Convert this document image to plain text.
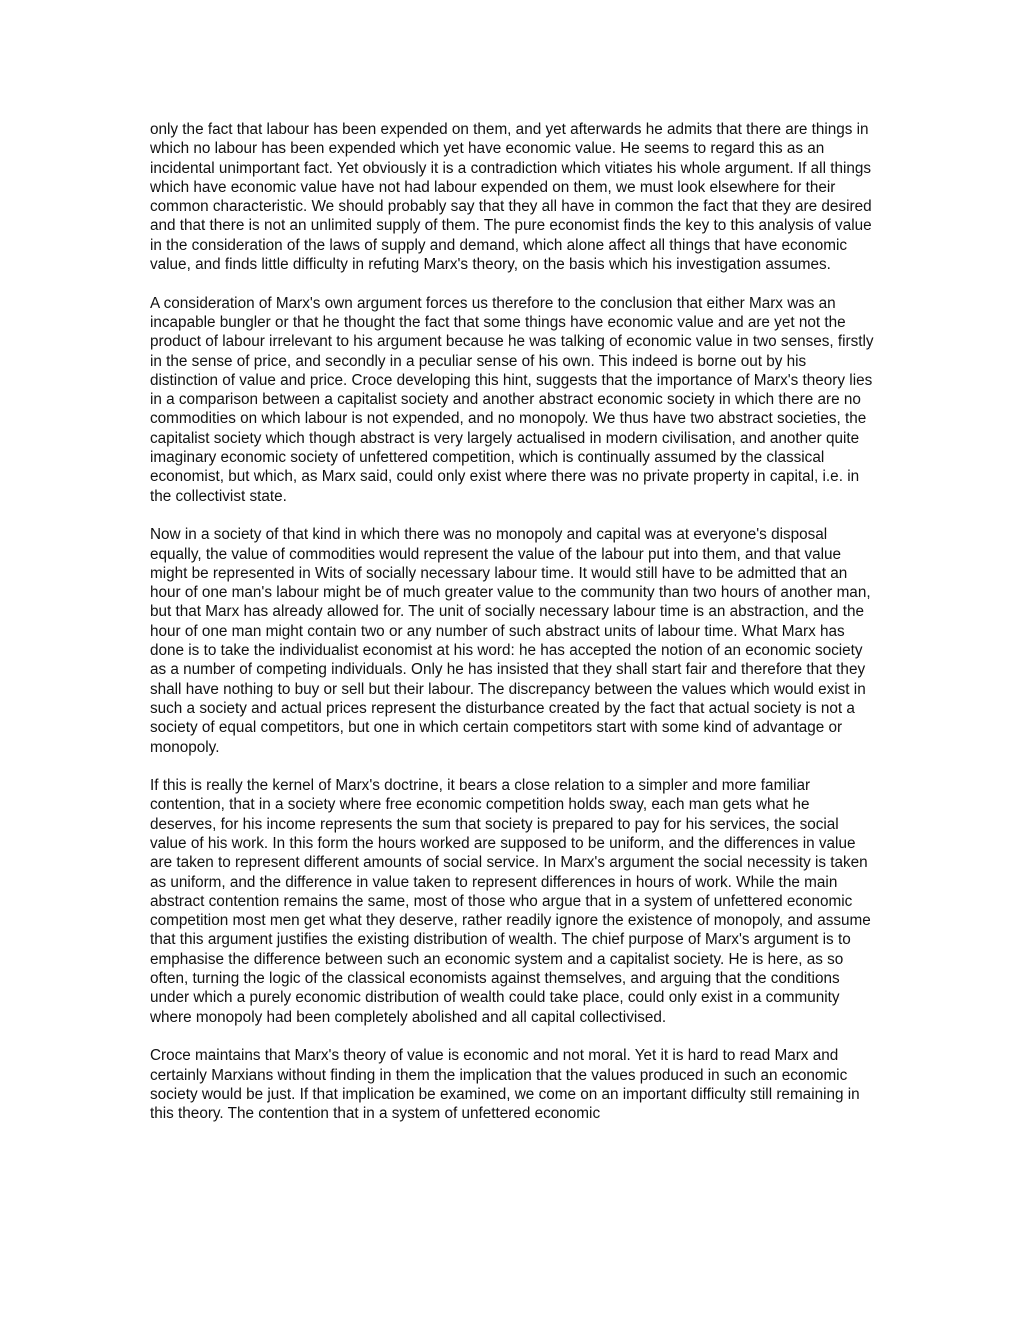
only the fact that labour has been expended on them, and yet afterwards he admits that there are things in which no labour has been expended which yet have economic value. He seems to regard this as an incidental unimportant fact. Yet obviously it is a contradiction which vitiates his whole argument. If all things which have economic value have not had labour expended on them, we must look elsewhere for their common characteristic. We should probably say that they all have in common the fact that they are desired and that there is not an unlimited supply of them. The pure economist finds the key to this analysis of value in the consideration of the laws of supply and demand, which alone affect all things that have economic value, and finds little difficulty in refuting Marx's theory, on the basis which his investigation assumes.

A consideration of Marx's own argument forces us therefore to the conclusion that either Marx was an incapable bungler or that he thought the fact that some things have economic value and are yet not the product of labour irrelevant to his argument because he was talking of economic value in two senses, firstly in the sense of price, and secondly in a peculiar sense of his own. This indeed is borne out by his distinction of value and price. Croce developing this hint, suggests that the importance of Marx's theory lies in a comparison between a capitalist society and another abstract economic society in which there are no commodities on which labour is not expended, and no monopoly. We thus have two abstract societies, the capitalist society which though abstract is very largely actualised in modern civilisation, and another quite imaginary economic society of unfettered competition, which is continually assumed by the classical economist, but which, as Marx said, could only exist where there was no private property in capital, i.e. in the collectivist state.

Now in a society of that kind in which there was no monopoly and capital was at everyone's disposal equally, the value of commodities would represent the value of the labour put into them, and that value might be represented in Wits of socially necessary labour time. It would still have to be admitted that an hour of one man's labour might be of much greater value to the community than two hours of another man, but that Marx has already allowed for. The unit of socially necessary labour time is an abstraction, and the hour of one man might contain two or any number of such abstract units of labour time. What Marx has done is to take the individualist economist at his word: he has accepted the notion of an economic society as a number of competing individuals. Only he has insisted that they shall start fair and therefore that they shall have nothing to buy or sell but their labour. The discrepancy between the values which would exist in such a society and actual prices represent the disturbance created by the fact that actual society is not a society of equal competitors, but one in which certain competitors start with some kind of advantage or monopoly.

If this is really the kernel of Marx's doctrine, it bears a close relation to a simpler and more familiar contention, that in a society where free economic competition holds sway, each man gets what he deserves, for his income represents the sum that society is prepared to pay for his services, the social value of his work. In this form the hours worked are supposed to be uniform, and the differences in value are taken to represent different amounts of social service. In Marx's argument the social necessity is taken as uniform, and the difference in value taken to represent differences in hours of work. While the main abstract contention remains the same, most of those who argue that in a system of unfettered economic competition most men get what they deserve, rather readily ignore the existence of monopoly, and assume that this argument justifies the existing distribution of wealth. The chief purpose of Marx's argument is to emphasise the difference between such an economic system and a capitalist society. He is here, as so often, turning the logic of the classical economists against themselves, and arguing that the conditions under which a purely economic distribution of wealth could take place, could only exist in a community where monopoly had been completely abolished and all capital collectivised.

Croce maintains that Marx's theory of value is economic and not moral. Yet it is hard to read Marx and certainly Marxians without finding in them the implication that the values produced in such an economic society would be just. If that implication be examined, we come on an important difficulty still remaining in this theory. The contention that in a system of unfettered economic
